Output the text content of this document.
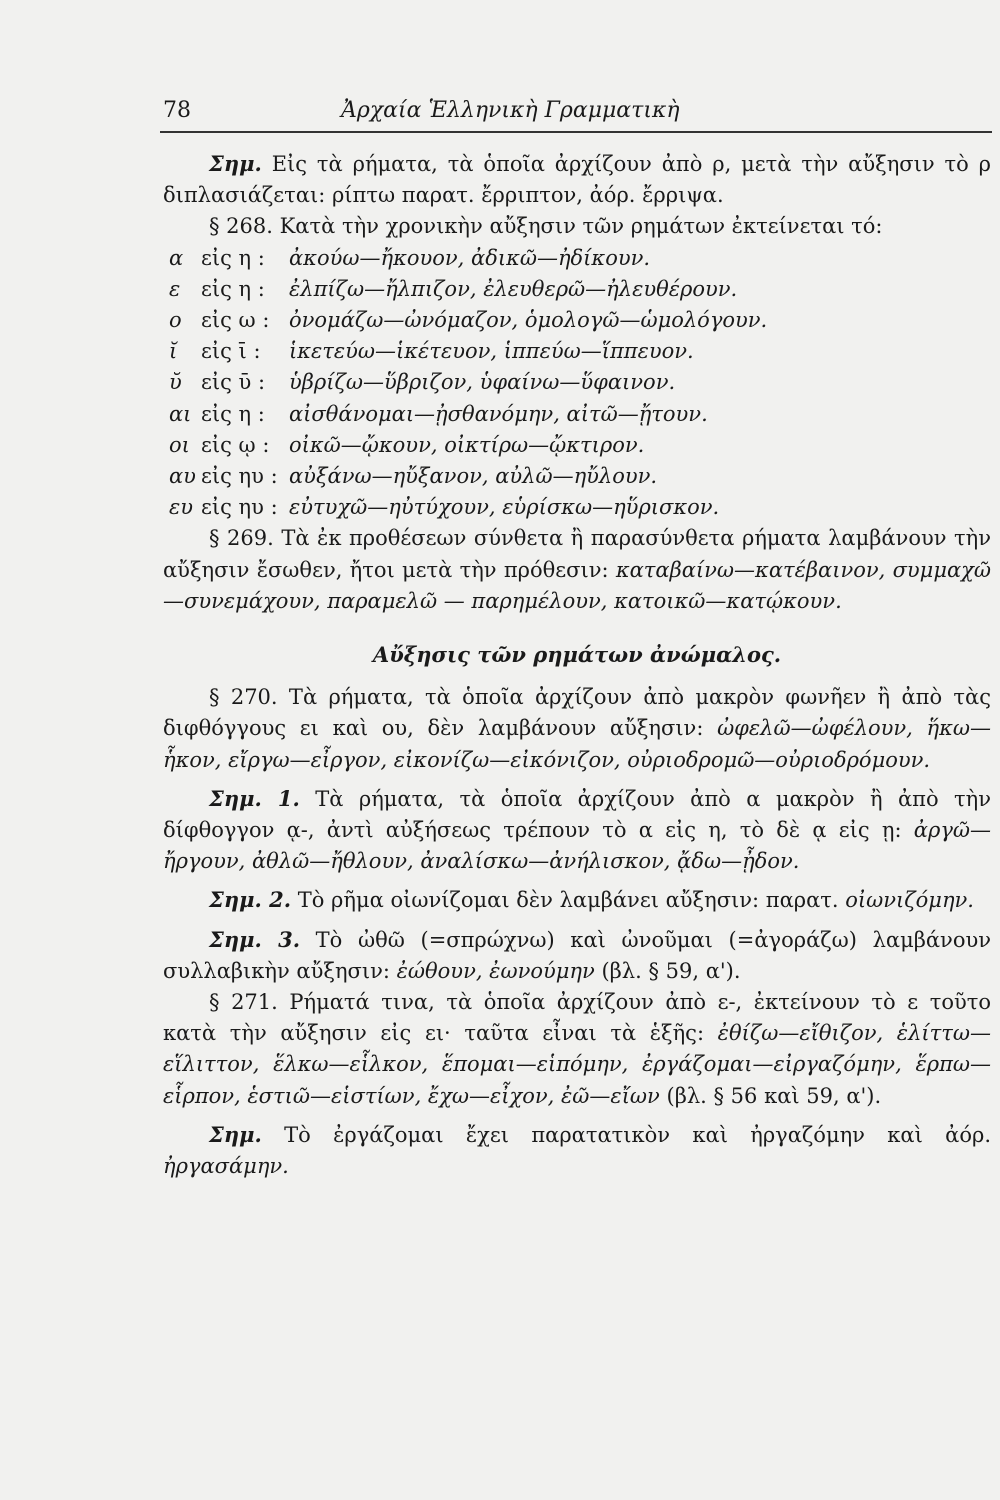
78	Ἀρχαία Ἑλληνικὴ Γραμματικὴ

Σημ. Εἰς τὰ ρήματα, τὰ ὁποῖα ἀρχίζουν ἀπὸ ρ, μετὰ τὴν αὔξησιν τὸ ρ διπλασιάζεται: ρίπτω παρατ. ἔρριπτον, ἀόρ. ἔρριψα.

§ 268. Κατὰ τὴν χρονικὴν αὔξησιν τῶν ρημάτων ἐκτείνεται τό:

α εἰς η :	ἀκούω—ἤκουον, ἀδικῶ—ἠδίκουν.
ε εἰς η :	ἐλπίζω—ἤλπιζον, ἐλευθερῶ—ἠλευθέρουν.
ο εἰς ω : ὀνομάζω—ὠνόμαζον, ὁμολογῶ—ὡμολόγουν.
ῐ	εἰς ῑ :	ἱκετεύω—ἱκέτευον, ἱππεύω—ἵππευον.
ῠ εἰς ῡ :	ὑβρίζω—ὕβριζον, ὑφαίνω—ὕφαινον.
αι εἰς η :	αἰσθάνομαι—ᾐσθανόμην, αἰτῶ—ᾔτουν.
οι εἰς ῳ : οἰκῶ—ᾤκουν, οἰκτίρω—ᾤκτιρον.
αυ εἰς ηυ : αὐξάνω—ηὔξανον, αὐλῶ—ηὔλουν.
ευ εἰς ηυ : εὐτυχῶ—ηὐτύχουν, εὑρίσκω—ηὕρισκον.

§ 269. Τὰ ἐκ προθέσεων σύνθετα ἢ παρασύνθετα ρήματα λαμβάνουν τὴν αὔξησιν ἔσωθεν, ἤτοι μετὰ τὴν πρόθεσιν: καταβαίνω—κατέβαινον, συμμαχῶ—συνεμάχουν, παραμελῶ — παρημέλουν, κατοικῶ—κατῴκουν.

Αὔξησις τῶν ρημάτων ἀνώμαλος.

§ 270. Τὰ ρήματα, τὰ ὁποῖα ἀρχίζουν ἀπὸ μακρὸν φωνῆεν ἢ ἀπὸ τὰς διφθόγγους ει καὶ ου, δὲν λαμβάνουν αὔξησιν: ὠφελῶ—ὠφέλουν, ἥκω—ἧκον, εἴργω—εἶργον, εἰκονίζω—εἰκόνιζον, οὐριοδρομῶ—οὐριοδρόμουν.

Σημ. 1. Τὰ ρήματα, τὰ ὁποῖα ἀρχίζουν ἀπὸ α μακρὸν ἢ ἀπὸ τὴν δίφθογγον ᾳ-, ἀντὶ αὐξήσεως τρέπουν τὸ α εἰς η, τὸ δὲ ᾳ εἰς ῃ: ἀργῶ—ἤργουν, ἀθλῶ—ἤθλουν, ἀναλίσκω—ἀνήλισκον, ᾄδω—ᾖδον.

Σημ. 2. Τὸ ρῆμα οἰωνίζομαι δὲν λαμβάνει αὔξησιν: παρατ. οἰωνιζόμην.

Σημ. 3. Τὸ ὠθῶ (=σπρώχνω) καὶ ὠνοῦμαι (=ἀγοράζω) λαμβάνουν συλλαβικὴν αὔξησιν: ἐώθουν, ἐωνούμην (βλ. § 59, α').

§ 271. Ρήματά τινα, τὰ ὁποῖα ἀρχίζουν ἀπὸ ε-, ἐκτείνουν τὸ ε τοῦτο κατὰ τὴν αὔξησιν εἰς ει· ταῦτα εἶναι τὰ ἑξῆς: ἐθίζω—εἴθιζον, ἑλίττω—εἵλιττον, ἕλκω—εἷλκον, ἕπομαι—εἱπόμην, ἐργάζομαι—εἰργαζόμην, ἕρπω—εἷρπον, ἑστιῶ—εἱστίων, ἔχω—εἶχον, ἐῶ—εἴων (βλ. § 56 καὶ 59, α').

Σημ. Τὸ ἐργάζομαι ἔχει παρατατικὸν καὶ ἠργαζόμην καὶ ἀόρ. ἠργασάμην.
